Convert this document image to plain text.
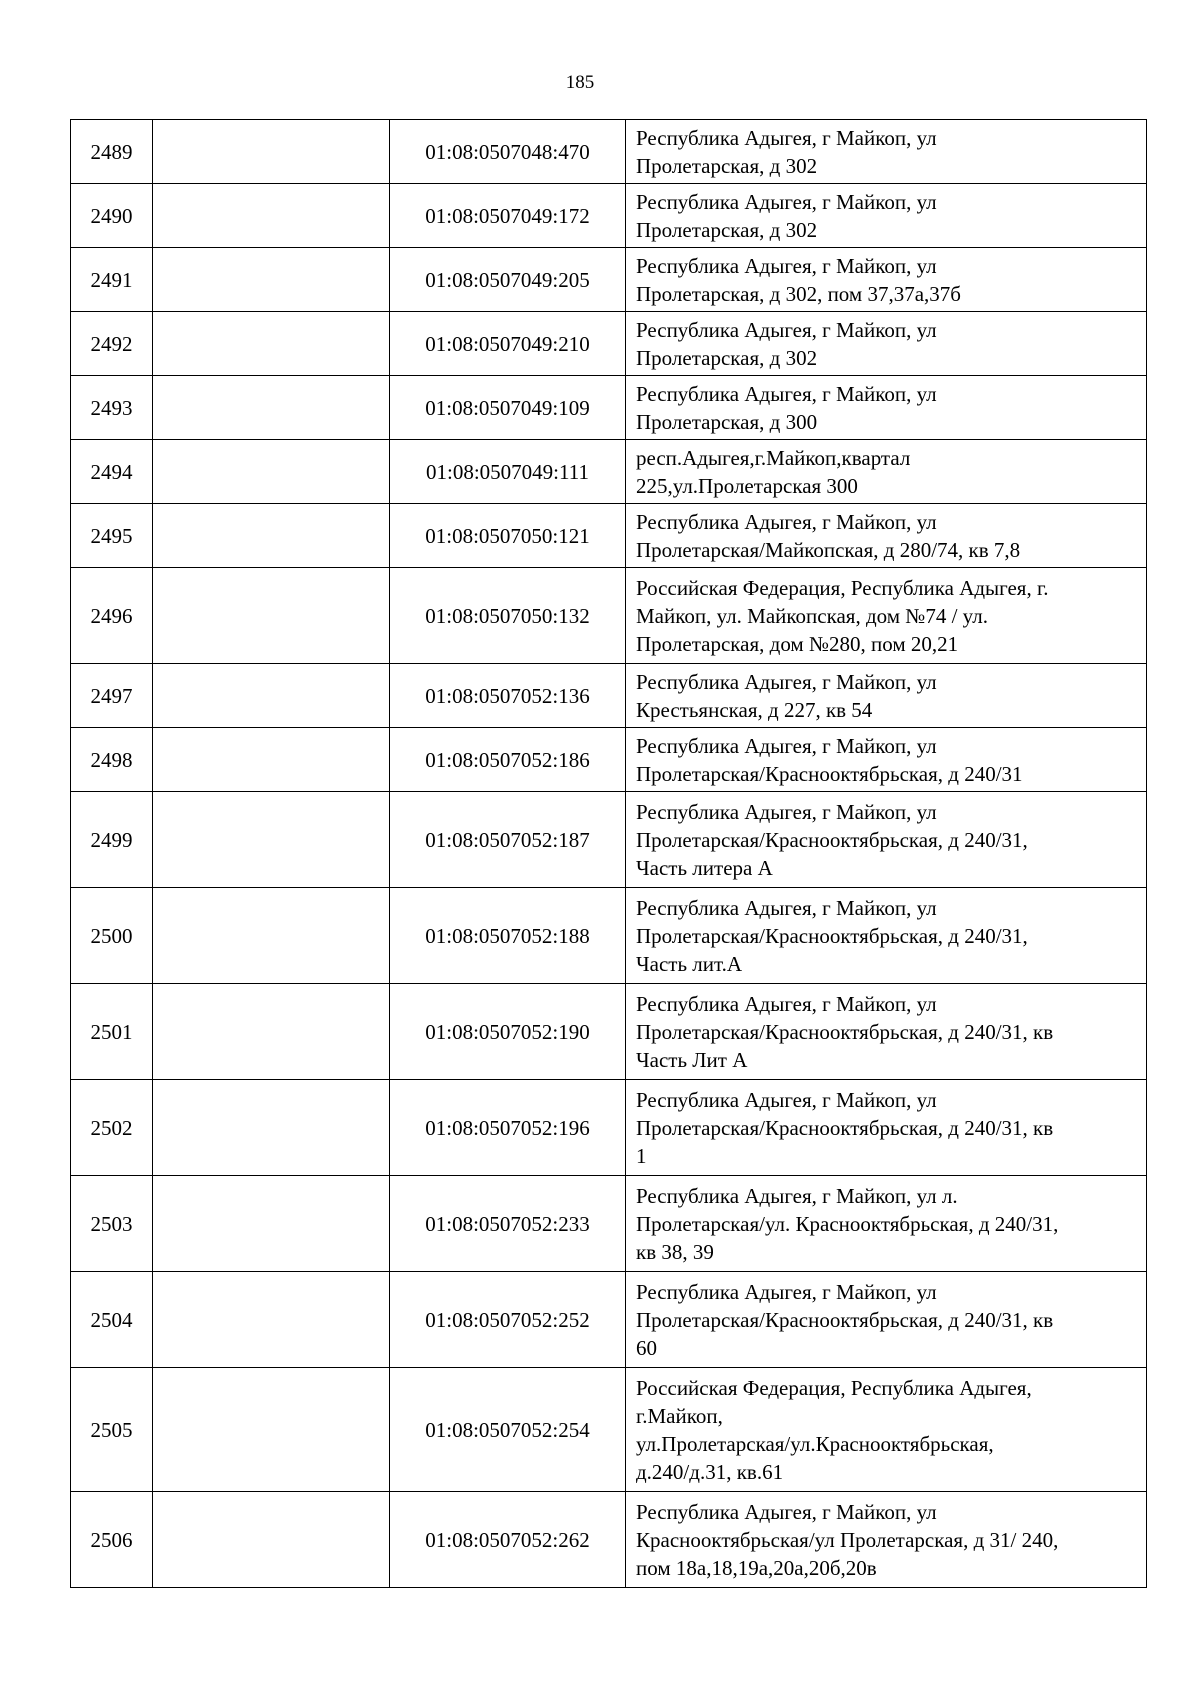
185
2489		01:08:0507048:470	Республика Адыгея, г Майкоп, ул
Пролетарская, д 302

2490		01:08:0507049:172	Республика Адыгея, г Майкоп, ул
Пролетарская, д 302

2491		01:08:0507049:205	Республика Адыгея, г Майкоп, ул
Пролетарская, д 302, пом 37,37а,37б

2492		01:08:0507049:210	Республика Адыгея, г Майкоп, ул
Пролетарская, д 302

2493		01:08:0507049:109	Республика Адыгея, г Майкоп, ул
Пролетарская, д 300

2494		01:08:0507049:111	респ.Адыгея,г.Майкоп,квартал
225,ул.Пролетарская 300

2495		01:08:0507050:121	Республика Адыгея, г Майкоп, ул
Пролетарская/Майкопская, д 280/74, кв 7,8

2496		01:08:0507050:132	Российская Федерация, Республика Адыгея, г.
Майкоп, ул. Майкопская, дом №74 / ул.
Пролетарская, дом №280, пом 20,21

2497		01:08:0507052:136	Республика Адыгея, г Майкоп, ул
Крестьянская, д 227, кв 54

2498		01:08:0507052:186	Республика Адыгея, г Майкоп, ул
Пролетарская/Краснооктябрьская, д 240/31

2499		01:08:0507052:187	Республика Адыгея, г Майкоп, ул
Пролетарская/Краснооктябрьская, д 240/31,
Часть литера А

2500		01:08:0507052:188	Республика Адыгея, г Майкоп, ул
Пролетарская/Краснооктябрьская, д 240/31,
Часть лит.А

2501		01:08:0507052:190	Республика Адыгея, г Майкоп, ул
Пролетарская/Краснооктябрьская, д 240/31, кв
Часть Лит А

2502		01:08:0507052:196	Республика Адыгея, г Майкоп, ул
Пролетарская/Краснооктябрьская, д 240/31, кв
1

2503		01:08:0507052:233	Республика Адыгея, г Майкоп, ул л.
Пролетарская/ул. Краснооктябрьская, д 240/31,
кв 38, 39

2504		01:08:0507052:252	Республика Адыгея, г Майкоп, ул
Пролетарская/Краснооктябрьская, д 240/31, кв
60

2505		01:08:0507052:254	Российская Федерация, Республика Адыгея,
г.Майкоп,
ул.Пролетарская/ул.Краснооктябрьская,
д.240/д.31, кв.61

2506		01:08:0507052:262	Республика Адыгея, г Майкоп, ул
Краснооктябрьская/ул Пролетарская, д 31/ 240,
пом 18а,18,19а,20а,20б,20в
